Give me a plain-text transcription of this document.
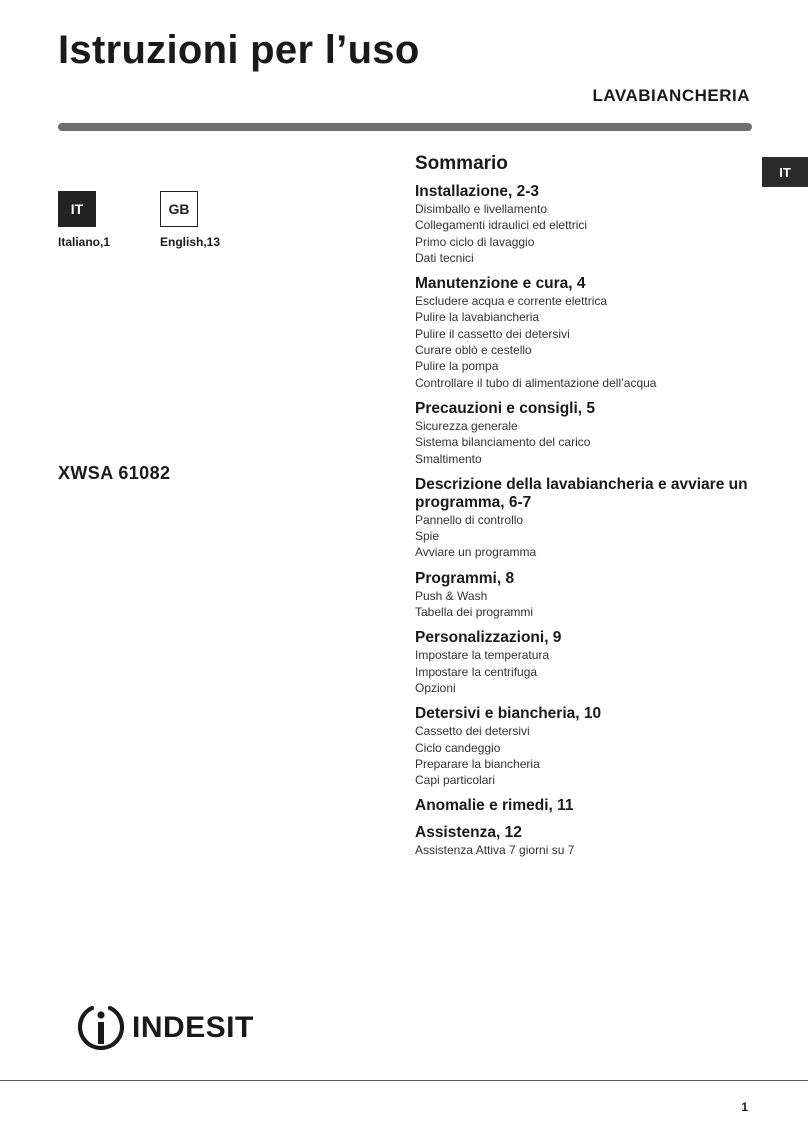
Istruzioni per l’uso
LAVABIANCHERIA
IT
IT
Italiano,1
GB
English,13
XWSA 61082
Sommario
Installazione, 2-3
Disimballo e livellamento
Collegamenti idraulici ed elettrici
Primo ciclo di lavaggio
Dati tecnici
Manutenzione e cura, 4
Escludere acqua e corrente elettrica
Pulire la lavabiancheria
Pulire il cassetto dei detersivi
Curare oblò e cestello
Pulire la pompa
Controllare il tubo di alimentazione dell’acqua
Precauzioni e consigli, 5
Sicurezza generale
Sistema bilanciamento del carico
Smaltimento
Descrizione della lavabiancheria e avviare un programma, 6-7
Pannello di controllo
Spie
Avviare un programma
Programmi, 8
Push & Wash
Tabella dei programmi
Personalizzazioni, 9
Impostare la temperatura
Impostare la centrifuga
Opzioni
Detersivi e biancheria, 10
Cassetto dei detersivi
Ciclo candeggio
Preparare la biancheria
Capi particolari
Anomalie e rimedi, 11
Assistenza, 12
Assistenza Attiva 7 giorni su 7
INDESIT
1
